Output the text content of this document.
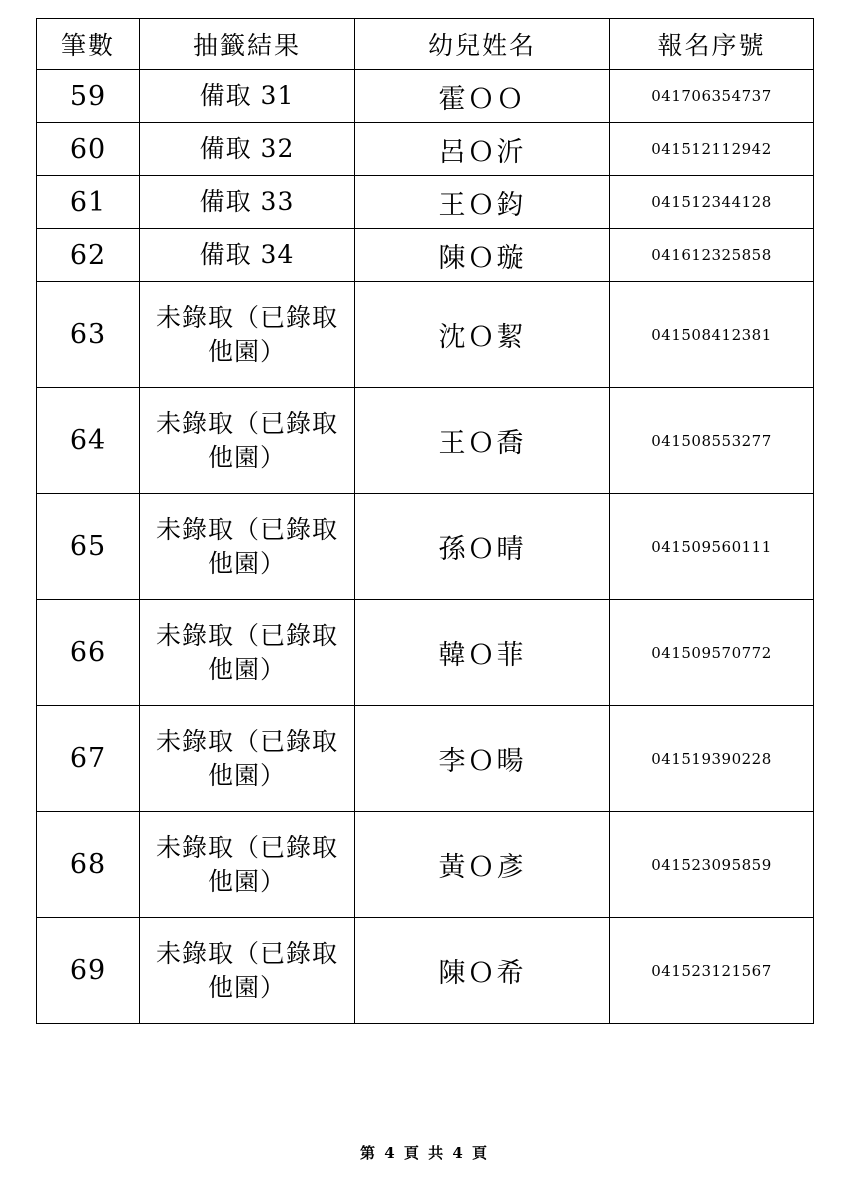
筆數	抽籤結果	幼兒姓名	報名序號
59	備取 31	霍ＯＯ	041706354737
60	備取 32	呂Ｏ沂	041512112942
61	備取 33	王Ｏ鈞	041512344128
62	備取 34	陳Ｏ璇	041612325858
63	未錄取（已錄取他園）	沈Ｏ絜	041508412381
64	未錄取（已錄取他園）	王Ｏ喬	041508553277
65	未錄取（已錄取他園）	孫Ｏ晴	041509560111
66	未錄取（已錄取他園）	韓Ｏ菲	041509570772
67	未錄取（已錄取他園）	李Ｏ暘	041519390228
68	未錄取（已錄取他園）	黃Ｏ彥	041523095859
69	未錄取（已錄取他園）	陳Ｏ希	041523121567
第 4 頁 共 4 頁
